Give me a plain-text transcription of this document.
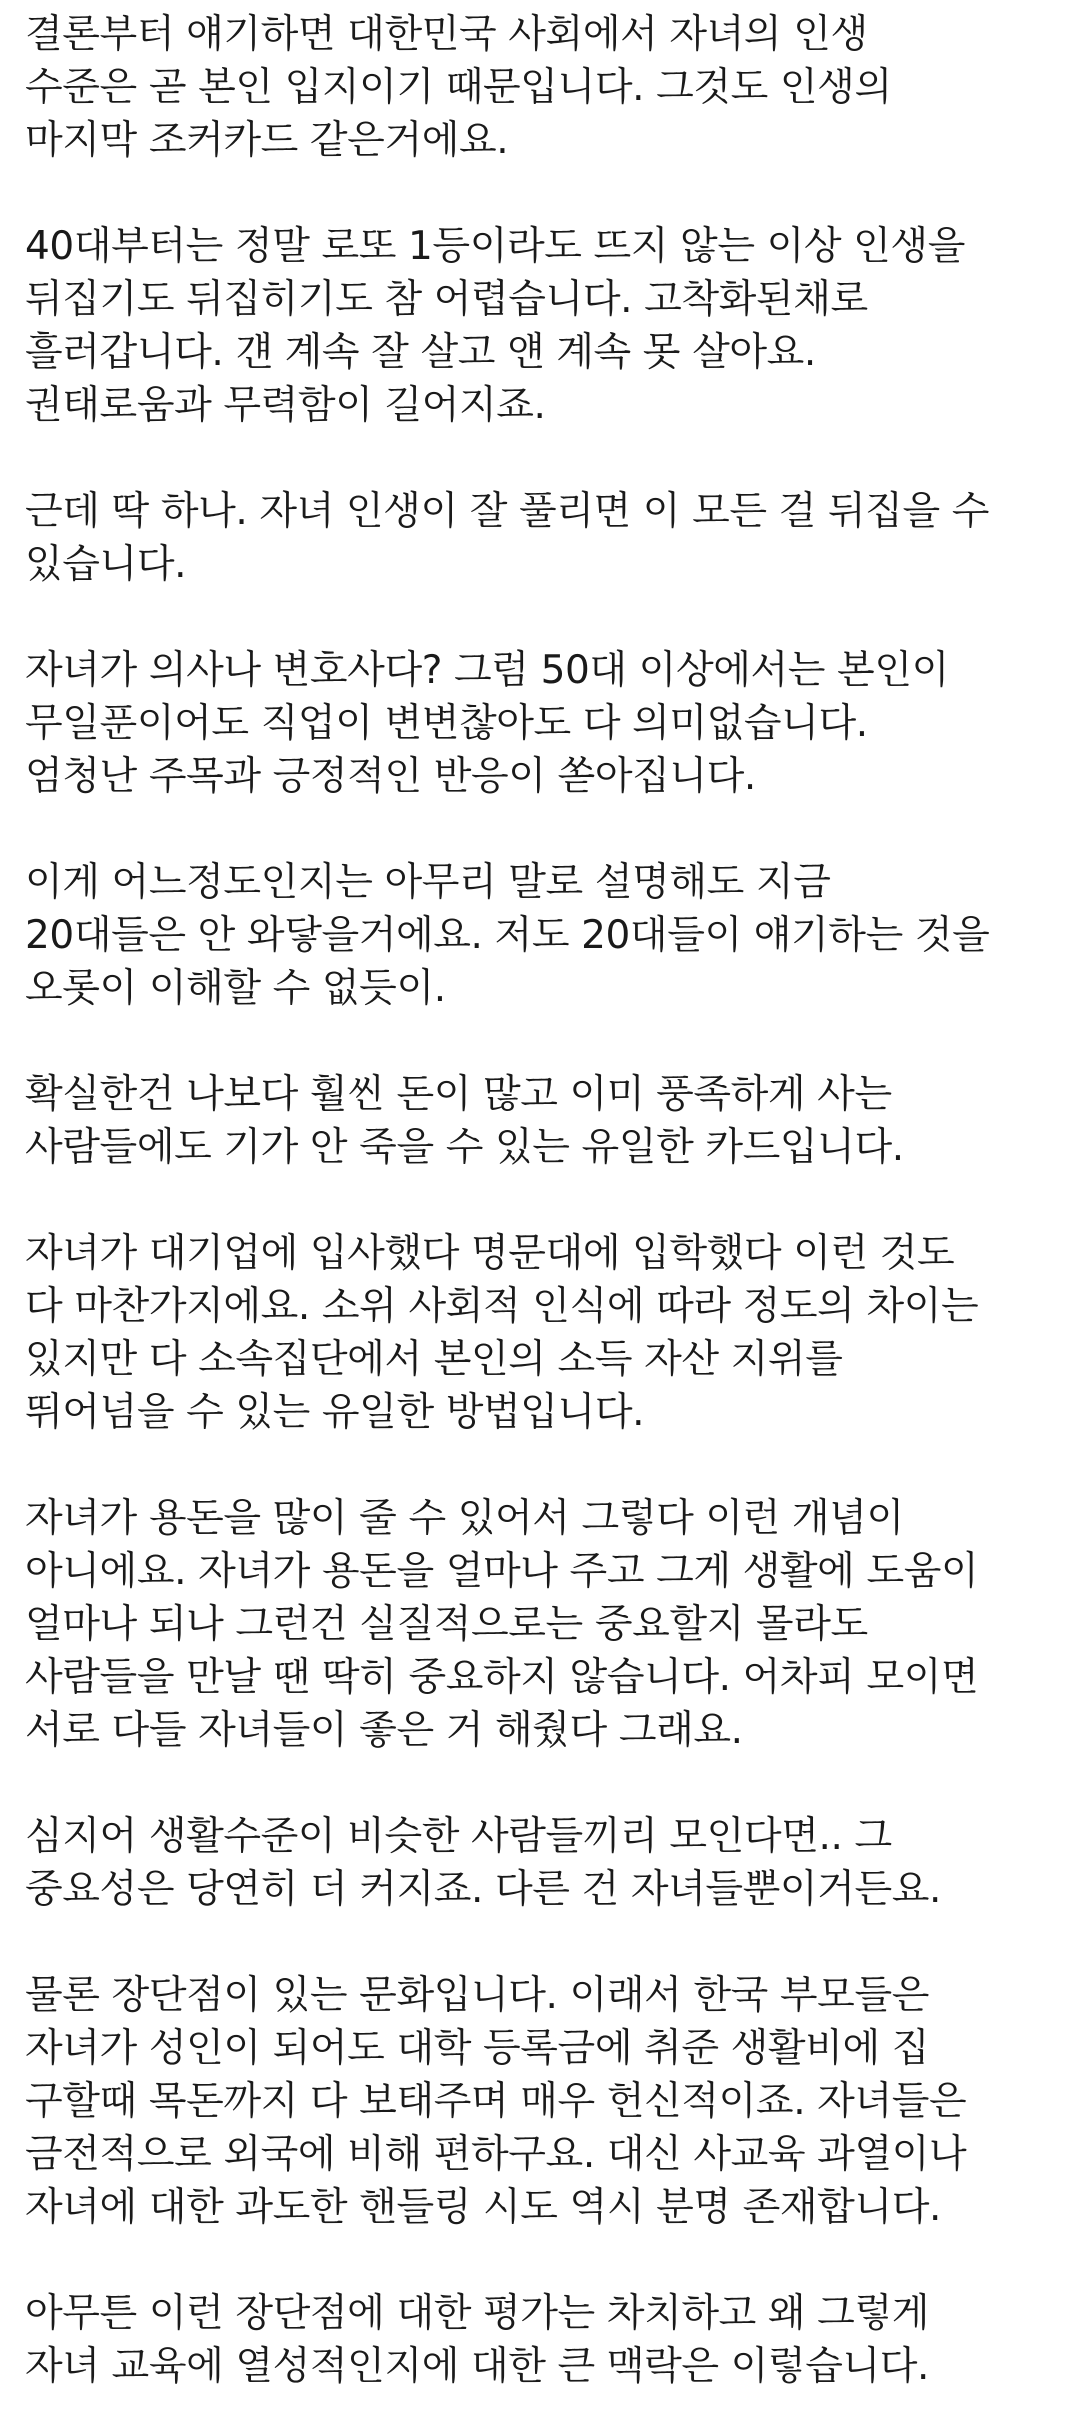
결론부터 얘기하면 대한민국 사회에서 자녀의 인생
수준은 곧 본인 입지이기 때문입니다. 그것도 인생의
마지막 조커카드 같은거에요.
40대부터는 정말 로또 1등이라도 뜨지 않는 이상 인생을
뒤집기도 뒤집히기도 참 어렵습니다. 고착화된채로
흘러갑니다. 걘 계속 잘 살고 얜 계속 못 살아요.
권태로움과 무력함이 길어지죠.
근데 딱 하나. 자녀 인생이 잘 풀리면 이 모든 걸 뒤집을 수
있습니다.
자녀가 의사나 변호사다? 그럼 50대 이상에서는 본인이
무일푼이어도 직업이 변변찮아도 다 의미없습니다.
엄청난 주목과 긍정적인 반응이 쏟아집니다.
이게 어느정도인지는 아무리 말로 설명해도 지금
20대들은 안 와닿을거에요. 저도 20대들이 얘기하는 것을
오롯이 이해할 수 없듯이.
확실한건 나보다 훨씬 돈이 많고 이미 풍족하게 사는
사람들에도 기가 안 죽을 수 있는 유일한 카드입니다.
자녀가 대기업에 입사했다 명문대에 입학했다 이런 것도
다 마찬가지에요. 소위 사회적 인식에 따라 정도의 차이는
있지만 다 소속집단에서 본인의 소득 자산 지위를
뛰어넘을 수 있는 유일한 방법입니다.
자녀가 용돈을 많이 줄 수 있어서 그렇다 이런 개념이
아니에요. 자녀가 용돈을 얼마나 주고 그게 생활에 도움이
얼마나 되나 그런건 실질적으로는 중요할지 몰라도
사람들을 만날 땐 딱히 중요하지 않습니다. 어차피 모이면
서로 다들 자녀들이 좋은 거 해줬다 그래요.
심지어 생활수준이 비슷한 사람들끼리 모인다면.. 그
중요성은 당연히 더 커지죠. 다른 건 자녀들뿐이거든요.
물론 장단점이 있는 문화입니다. 이래서 한국 부모들은
자녀가 성인이 되어도 대학 등록금에 취준 생활비에 집
구할때 목돈까지 다 보태주며 매우 헌신적이죠. 자녀들은
금전적으로 외국에 비해 편하구요. 대신 사교육 과열이나
자녀에 대한 과도한 핸들링 시도 역시 분명 존재합니다.
아무튼 이런 장단점에 대한 평가는 차치하고 왜 그렇게
자녀 교육에 열성적인지에 대한 큰 맥락은 이렇습니다.
